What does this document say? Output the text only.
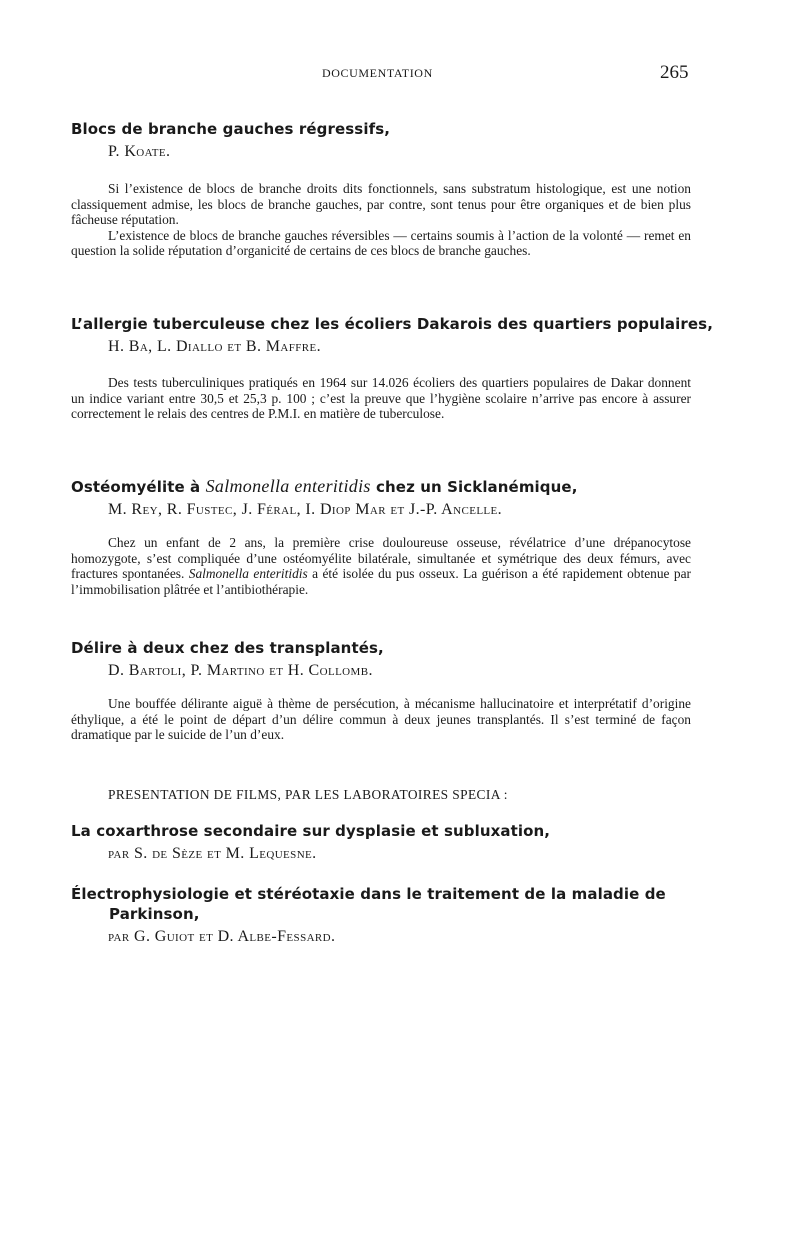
DOCUMENTATION	265
Blocs de branche gauches régressifs,
P. Koate.

Si l’existence de blocs de branche droits dits fonctionnels, sans substratum histologique, est une notion classiquement admise, les blocs de branche gauches, par contre, sont tenus pour être organiques et de bien plus fâcheuse réputation.

L’existence de blocs de branche gauches réversibles — certains soumis à l’action de la volonté — remet en question la solide réputation d’organicité de certains de ces blocs de branche gauches.

L’allergie tuberculeuse chez les écoliers Dakarois des quartiers populaires,
H. Ba, L. Diallo et B. Maffre.

Des tests tuberculiniques pratiqués en 1964 sur 14.026 écoliers des quartiers populaires de Dakar donnent un indice variant entre 30,5 et 25,3 p. 100 ; c’est la preuve que l’hygiène scolaire n’arrive pas encore à assurer correctement le relais des centres de P.M.I. en matière de tuberculose.

Ostéomyélite à Salmonella enteritidis chez un Sicklanémique,
M. Rey, R. Fustec, J. Féral, I. Diop Mar et J.-P. Ancelle.

Chez un enfant de 2 ans, la première crise douloureuse osseuse, révélatrice d’une drépanocytose homozygote, s’est compliquée d’une ostéomyélite bilatérale, simultanée et symétrique des deux fémurs, avec fractures spontanées. Salmonella enteritidis a été isolée du pus osseux. La guérison a été rapidement obtenue par l’immobilisation plâtrée et l’antibiothérapie.

Délire à deux chez des transplantés,
D. Bartoli, P. Martino et H. Collomb.

Une bouffée délirante aiguë à thème de persécution, à mécanisme hallucinatoire et interprétatif d’origine éthylique, a été le point de départ d’un délire commun à deux jeunes transplantés. Il s’est terminé de façon dramatique par le suicide de l’un d’eux.

PRESENTATION DE FILMS, PAR LES LABORATOIRES SPECIA :
La coxarthrose secondaire sur dysplasie et subluxation,
par S. de Sèze et M. Lequesne.
Électrophysiologie et stéréotaxie dans le traitement de la maladie de Parkinson,
par G. Guiot et D. Albe-Fessard.
